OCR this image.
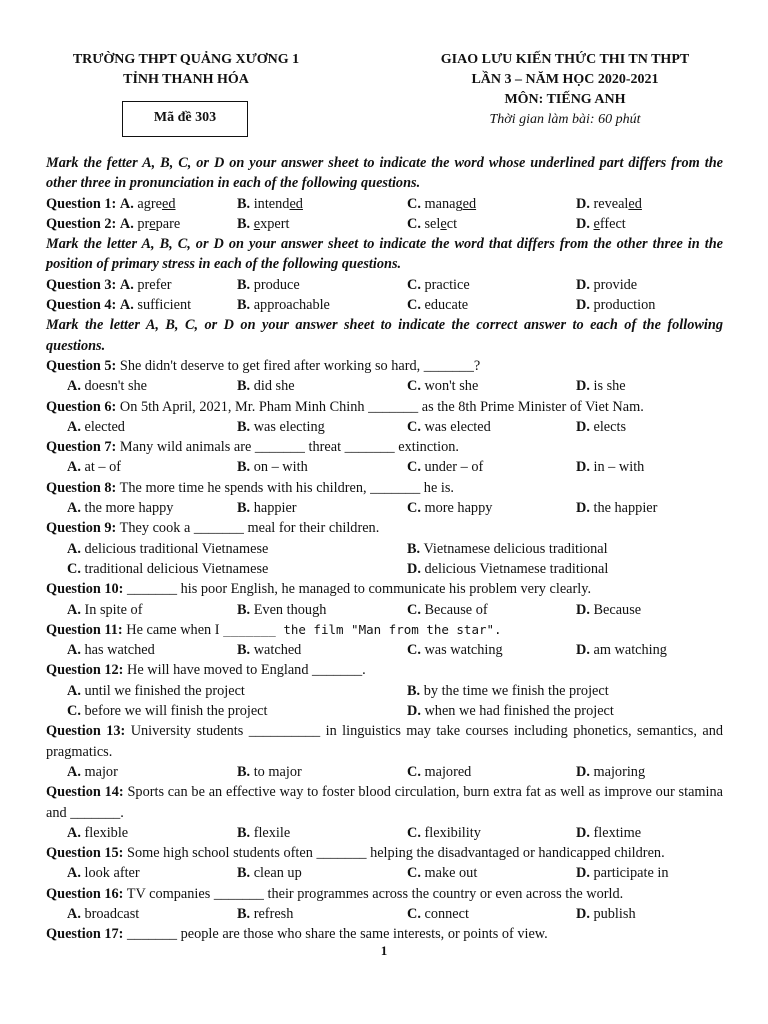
TRƯỜNG THPT QUẢNG XƯƠNG 1
TỈNH THANH HÓA
GIAO LƯU KIẾN THỨC THI TN THPT
LẦN 3 – NĂM HỌC 2020-2021
MÔN: TIẾNG ANH
Thời gian làm bài: 60 phút
Mã đề 303
Mark the fetter A, B, C, or D on your answer sheet to indicate the word whose underlined part differs from the other three in pronunciation in each of the following questions.
Question 1: A. agreed	B. intended	C. managed	D. revealed
Question 2: A. prepare	B. expert	C. select	D. effect
Mark the letter A, B, C, or D on your answer sheet to indicate the word that differs from the other three in the position of primary stress in each of the following questions.
Question 3: A. prefer	B. produce	C. practice	D. provide
Question 4: A. sufficient	B. approachable	C. educate	D. production
Mark the letter A, B, C, or D on your answer sheet to indicate the correct answer to each of the following questions.
Question 5: She didn't deserve to get fired after working so hard, _______?
A. doesn't she	B. did she	C. won't she	D. is she
Question 6: On 5th April, 2021, Mr. Pham Minh Chinh _______ as the 8th Prime Minister of Viet Nam.
A. elected	B. was electing	C. was elected	D. elects
Question 7: Many wild animals are _______ threat _______ extinction.
A. at – of	B. on – with	C. under – of	D. in – with
Question 8: The more time he spends with his children, _______ he is.
A. the more happy	B. happier	C. more happy	D. the happier
Question 9: They cook a _______ meal for their children.
A. delicious traditional Vietnamese	B. Vietnamese delicious traditional
C. traditional delicious Vietnamese	D. delicious Vietnamese traditional
Question 10: _______ his poor English, he managed to communicate his problem very clearly.
A. In spite of	B. Even though	C. Because of	D. Because
Question 11: He came when I _______ the film "Man from the star".
A. has watched	B. watched	C. was watching	D. am watching
Question 12: He will have moved to England _______.
A. until we finished the project	B. by the time we finish the project
C. before we will finish the project	D. when we had finished the project
Question 13: University students __________ in linguistics may take courses including phonetics, semantics, and pragmatics.
A. major	B. to major	C. majored	D. majoring
Question 14: Sports can be an effective way to foster blood circulation, burn extra fat as well as improve our stamina and _______.
A. flexible	B. flexile	C. flexibility	D. flextime
Question 15: Some high school students often _______ helping the disadvantaged or handicapped children.
A. look after	B. clean up	C. make out	D. participate in
Question 16: TV companies _______ their programmes across the country or even across the world.
A. broadcast	B. refresh	C. connect	D. publish
Question 17: _______ people are those who share the same interests, or points of view.
1
